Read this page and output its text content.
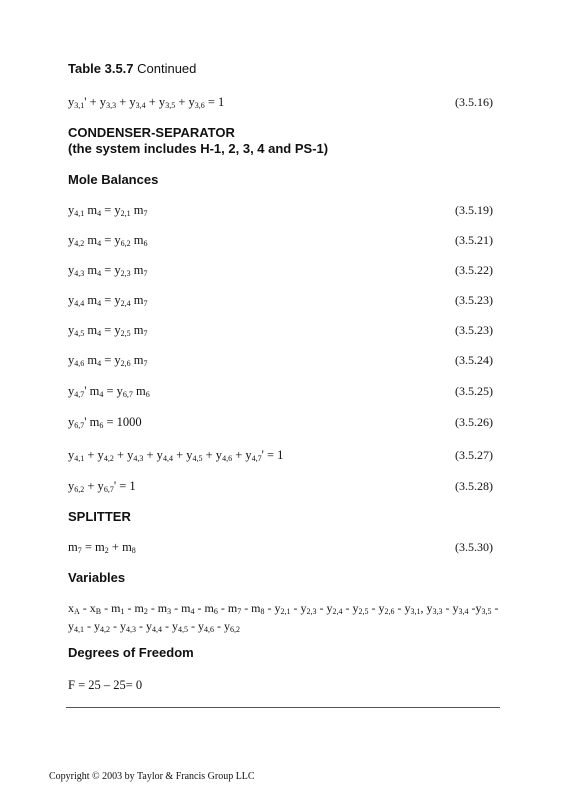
Table 3.5.7 Continued
$y_{3,1}' + y_{3,3} + y_{3,4} + y_{3,5} + y_{3,6} = 1$	(3.5.16)
CONDENSER-SEPARATOR
(the system includes H-1, 2, 3, 4 and PS-1)
Mole Balances
$y_{4,1}$ $m_4 = y_{2,1}$ $m_7$	(3.5.19)
$y_{4,2}$ $m_4 = y_{6,2}$ $m_6$	(3.5.21)
$y_{4,3}$ $m_4 = y_{2,3}$ $m_7$	(3.5.22)
$y_{4,4}$ $m_4 = y_{2,4}$ $m_7$	(3.5.23)
$y_{4,5}$ $m_4 = y_{2,5}$ $m_7$	(3.5.23)
$y_{4,6}$ $m_4 = y_{2,6}$ $m_7$	(3.5.24)
$y_{4,7}'$ $m_4 = y_{6,7}$ $m_6$	(3.5.25)
$y_{6,7}'$ $m_6 = 1000$	(3.5.26)
$y_{4,1} + y_{4,2} + y_{4,3} + y_{4,4} + y_{4,5} + y_{4,6} + y_{4,7}' = 1$	(3.5.27)
$y_{6,2} + y_{6,7}' = 1$	(3.5.28)
SPLITTER
$m_7 = m_2 + m_8$	(3.5.30)
Variables
$x_A - x_B - m_1 - m_2 - m_3 - m_4 - m_6 - m_7 - m_8 - y_{2,1} - y_{2,3} - y_{2,4} - y_{2,5} - y_{2,6} - y_{3,1}$, $y_{3,3} - y_{3,4}$ $-y_{3,5} - y_{4,1} - y_{4,2} - y_{4,3} - y_{4,4} - y_{4,5} - y_{4,6} - y_{6,2}$
Degrees of Freedom
F = 25 – 25= 0
Copyright © 2003 by Taylor & Francis Group LLC
